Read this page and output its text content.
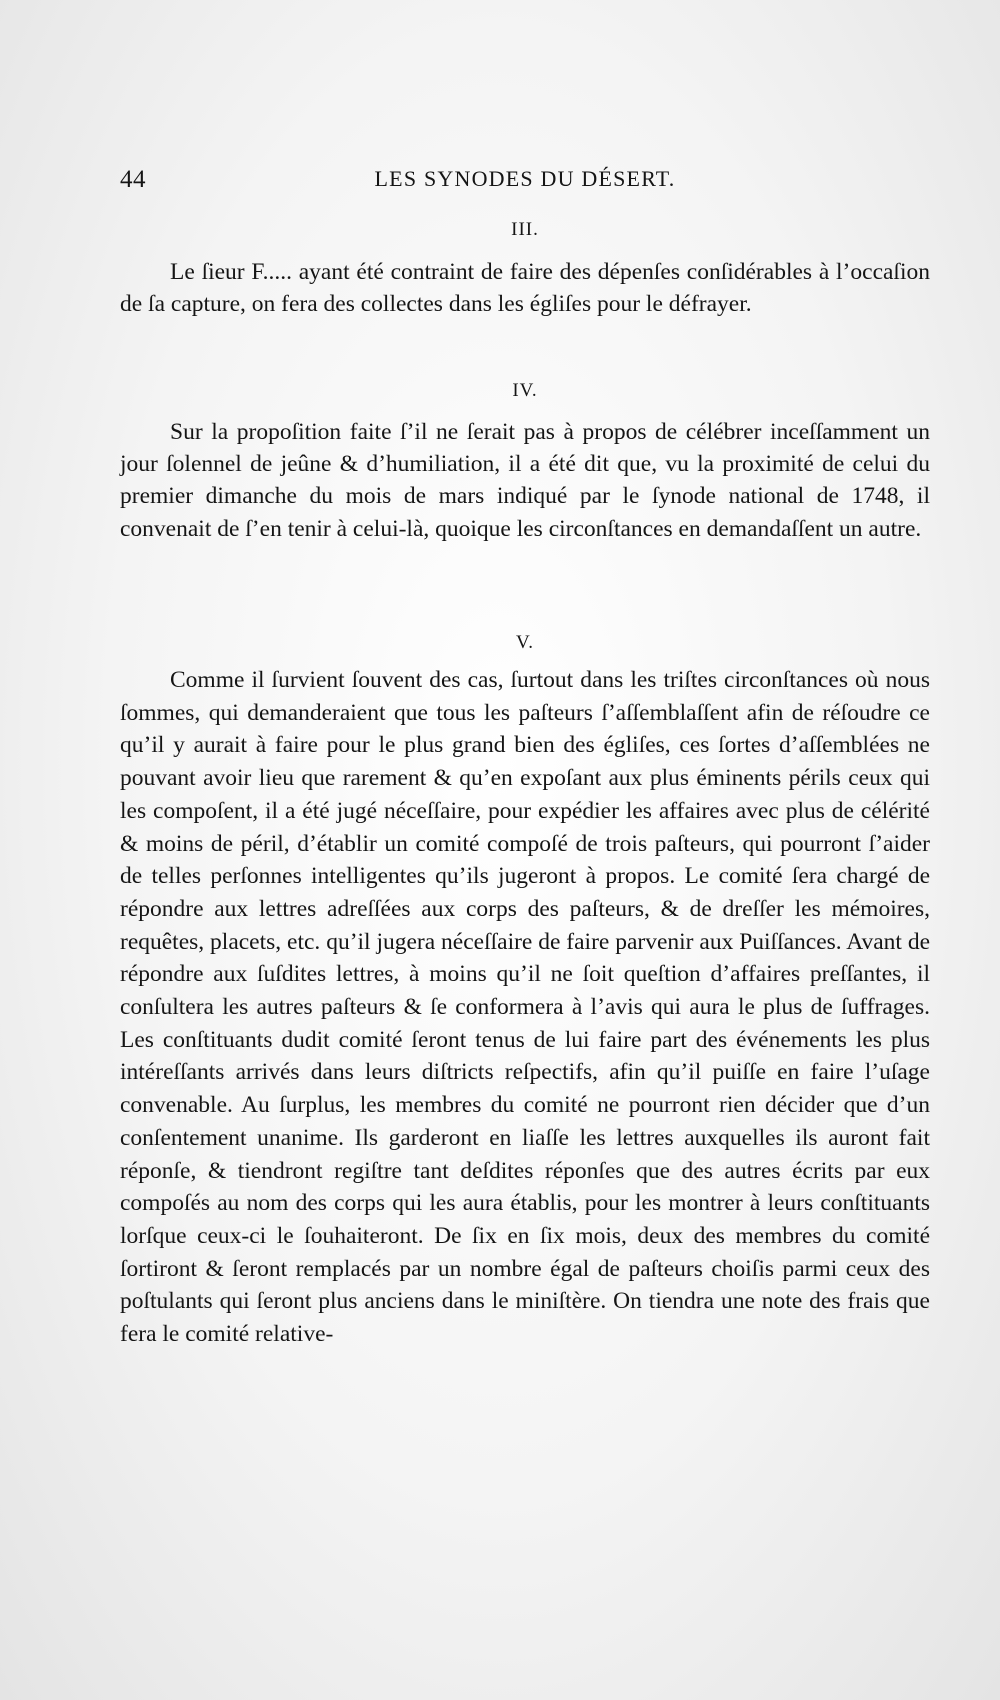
44	LES SYNODES DU DÉSERT.
III.

Le ſieur F..... ayant été contraint de faire des dépenſes conſidérables à l’occaſion de ſa capture, on fera des collectes dans les égliſes pour le défrayer.

IV.

Sur la propoſition faite ſ’il ne ſerait pas à propos de célébrer inceſſamment un jour ſolennel de jeûne & d’humiliation, il a été dit que, vu la proximité de celui du premier dimanche du mois de mars indiqué par le ſynode national de 1748, il convenait de ſ’en tenir à celui-là, quoique les circonſtances en demandaſſent un autre.

V.

Comme il ſurvient ſouvent des cas, ſurtout dans les triſtes circonſtances où nous ſommes, qui demanderaient que tous les paſteurs ſ’aſſemblaſſent afin de réſoudre ce qu’il y aurait à faire pour le plus grand bien des égliſes, ces ſortes d’aſſemblées ne pouvant avoir lieu que rarement & qu’en expoſant aux plus éminents périls ceux qui les compoſent, il a été jugé néceſſaire, pour expédier les affaires avec plus de célérité & moins de péril, d’établir un comité compoſé de trois paſteurs, qui pourront ſ’aider de telles perſonnes intelligentes qu’ils jugeront à propos. Le comité ſera chargé de répondre aux lettres adreſſées aux corps des paſteurs, & de dreſſer les mémoires, requêtes, placets, etc. qu’il jugera néceſſaire de faire parvenir aux Puiſſances. Avant de répondre aux ſuſdites lettres, à moins qu’il ne ſoit queſtion d’affaires preſſantes, il conſultera les autres paſteurs & ſe conformera à l’avis qui aura le plus de ſuffrages. Les conſtituants dudit comité ſeront tenus de lui faire part des événements les plus intéreſſants arrivés dans leurs diſtricts reſpectifs, afin qu’il puiſſe en faire l’uſage convenable. Au ſurplus, les membres du comité ne pourront rien décider que d’un conſentement unanime. Ils garderont en liaſſe les lettres auxquelles ils auront fait réponſe, & tiendront regiſtre tant deſdites réponſes que des autres écrits par eux compoſés au nom des corps qui les aura établis, pour les montrer à leurs conſtituants lorſque ceux-ci le ſouhaiteront. De ſix en ſix mois, deux des membres du comité ſortiront & ſeront remplacés par un nombre égal de paſteurs choiſis parmi ceux des poſtulants qui ſeront plus anciens dans le miniſtère. On tiendra une note des frais que fera le comité relative-
